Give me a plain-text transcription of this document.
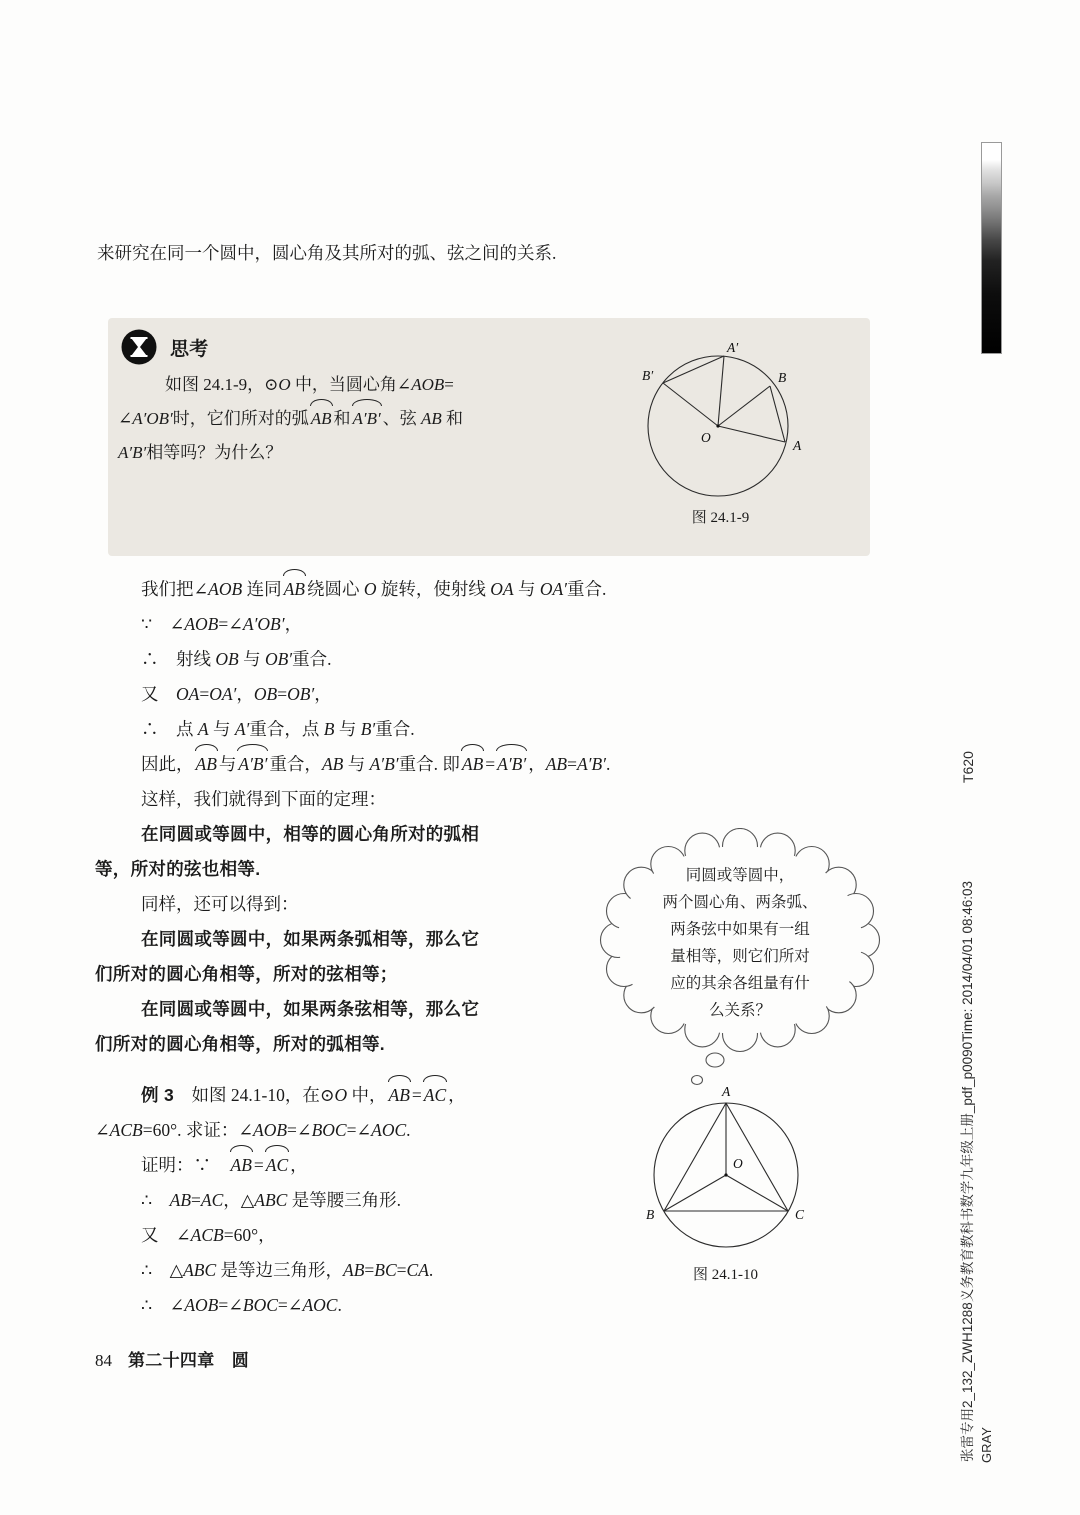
来研究在同一个圆中，圆心角及其所对的弧、弦之间的关系.
思考
如图 24.1-9，⊙O 中，当圆心角∠AOB=
∠A′OB′时，它们所对的弧 AB 和 A′B′ 、弦 AB 和
A′B′相等吗？为什么？
A′
B′	B
A
O
图 24.1-9
我们把∠AOB 连同 AB 绕圆心 O 旋转，使射线 OA 与 OA′重合.
∵　∠AOB=∠A′OB′，
∴　射线 OB 与 OB′重合.
又　OA=OA′，OB=OB′，
∴　点 A 与 A′重合，点 B 与 B′重合.
因此， AB 与 A′B′ 重合，AB 与 A′B′重合. 即 AB = A′B′ ，AB=A′B′.
这样，我们就得到下面的定理：
在同圆或等圆中，相等的圆心角所对的弧相
等，所对的弦也相等.
同样，还可以得到：
在同圆或等圆中，如果两条弧相等，那么它
们所对的圆心角相等，所对的弦相等；
在同圆或等圆中，如果两条弦相等，那么它
们所对的圆心角相等，所对的弧相等.
同圆或等圆中，
两个圆心角、两条弧、
两条弦中如果有一组
量相等，则它们所对
应的其余各组量有什
么关系？
例 3　如图 24.1-10，在⊙O 中， AB = AC ，
∠ACB=60°. 求证：∠AOB=∠BOC=∠AOC.
证明：∵　AB = AC ，
∴　AB=AC，△ABC 是等腰三角形.
又　∠ACB=60°，
∴　△ABC 是等边三角形，AB=BC=CA.
∴　∠AOB=∠BOC=∠AOC.
A
B	C
O
图 24.1-10
84 第二十四章　圆
T620
张雷专用2_132_ZWH1288义务教育教科书数学九年级上册_pdf_p0090Time: 2014/04/01 08:46:03 GRAY
